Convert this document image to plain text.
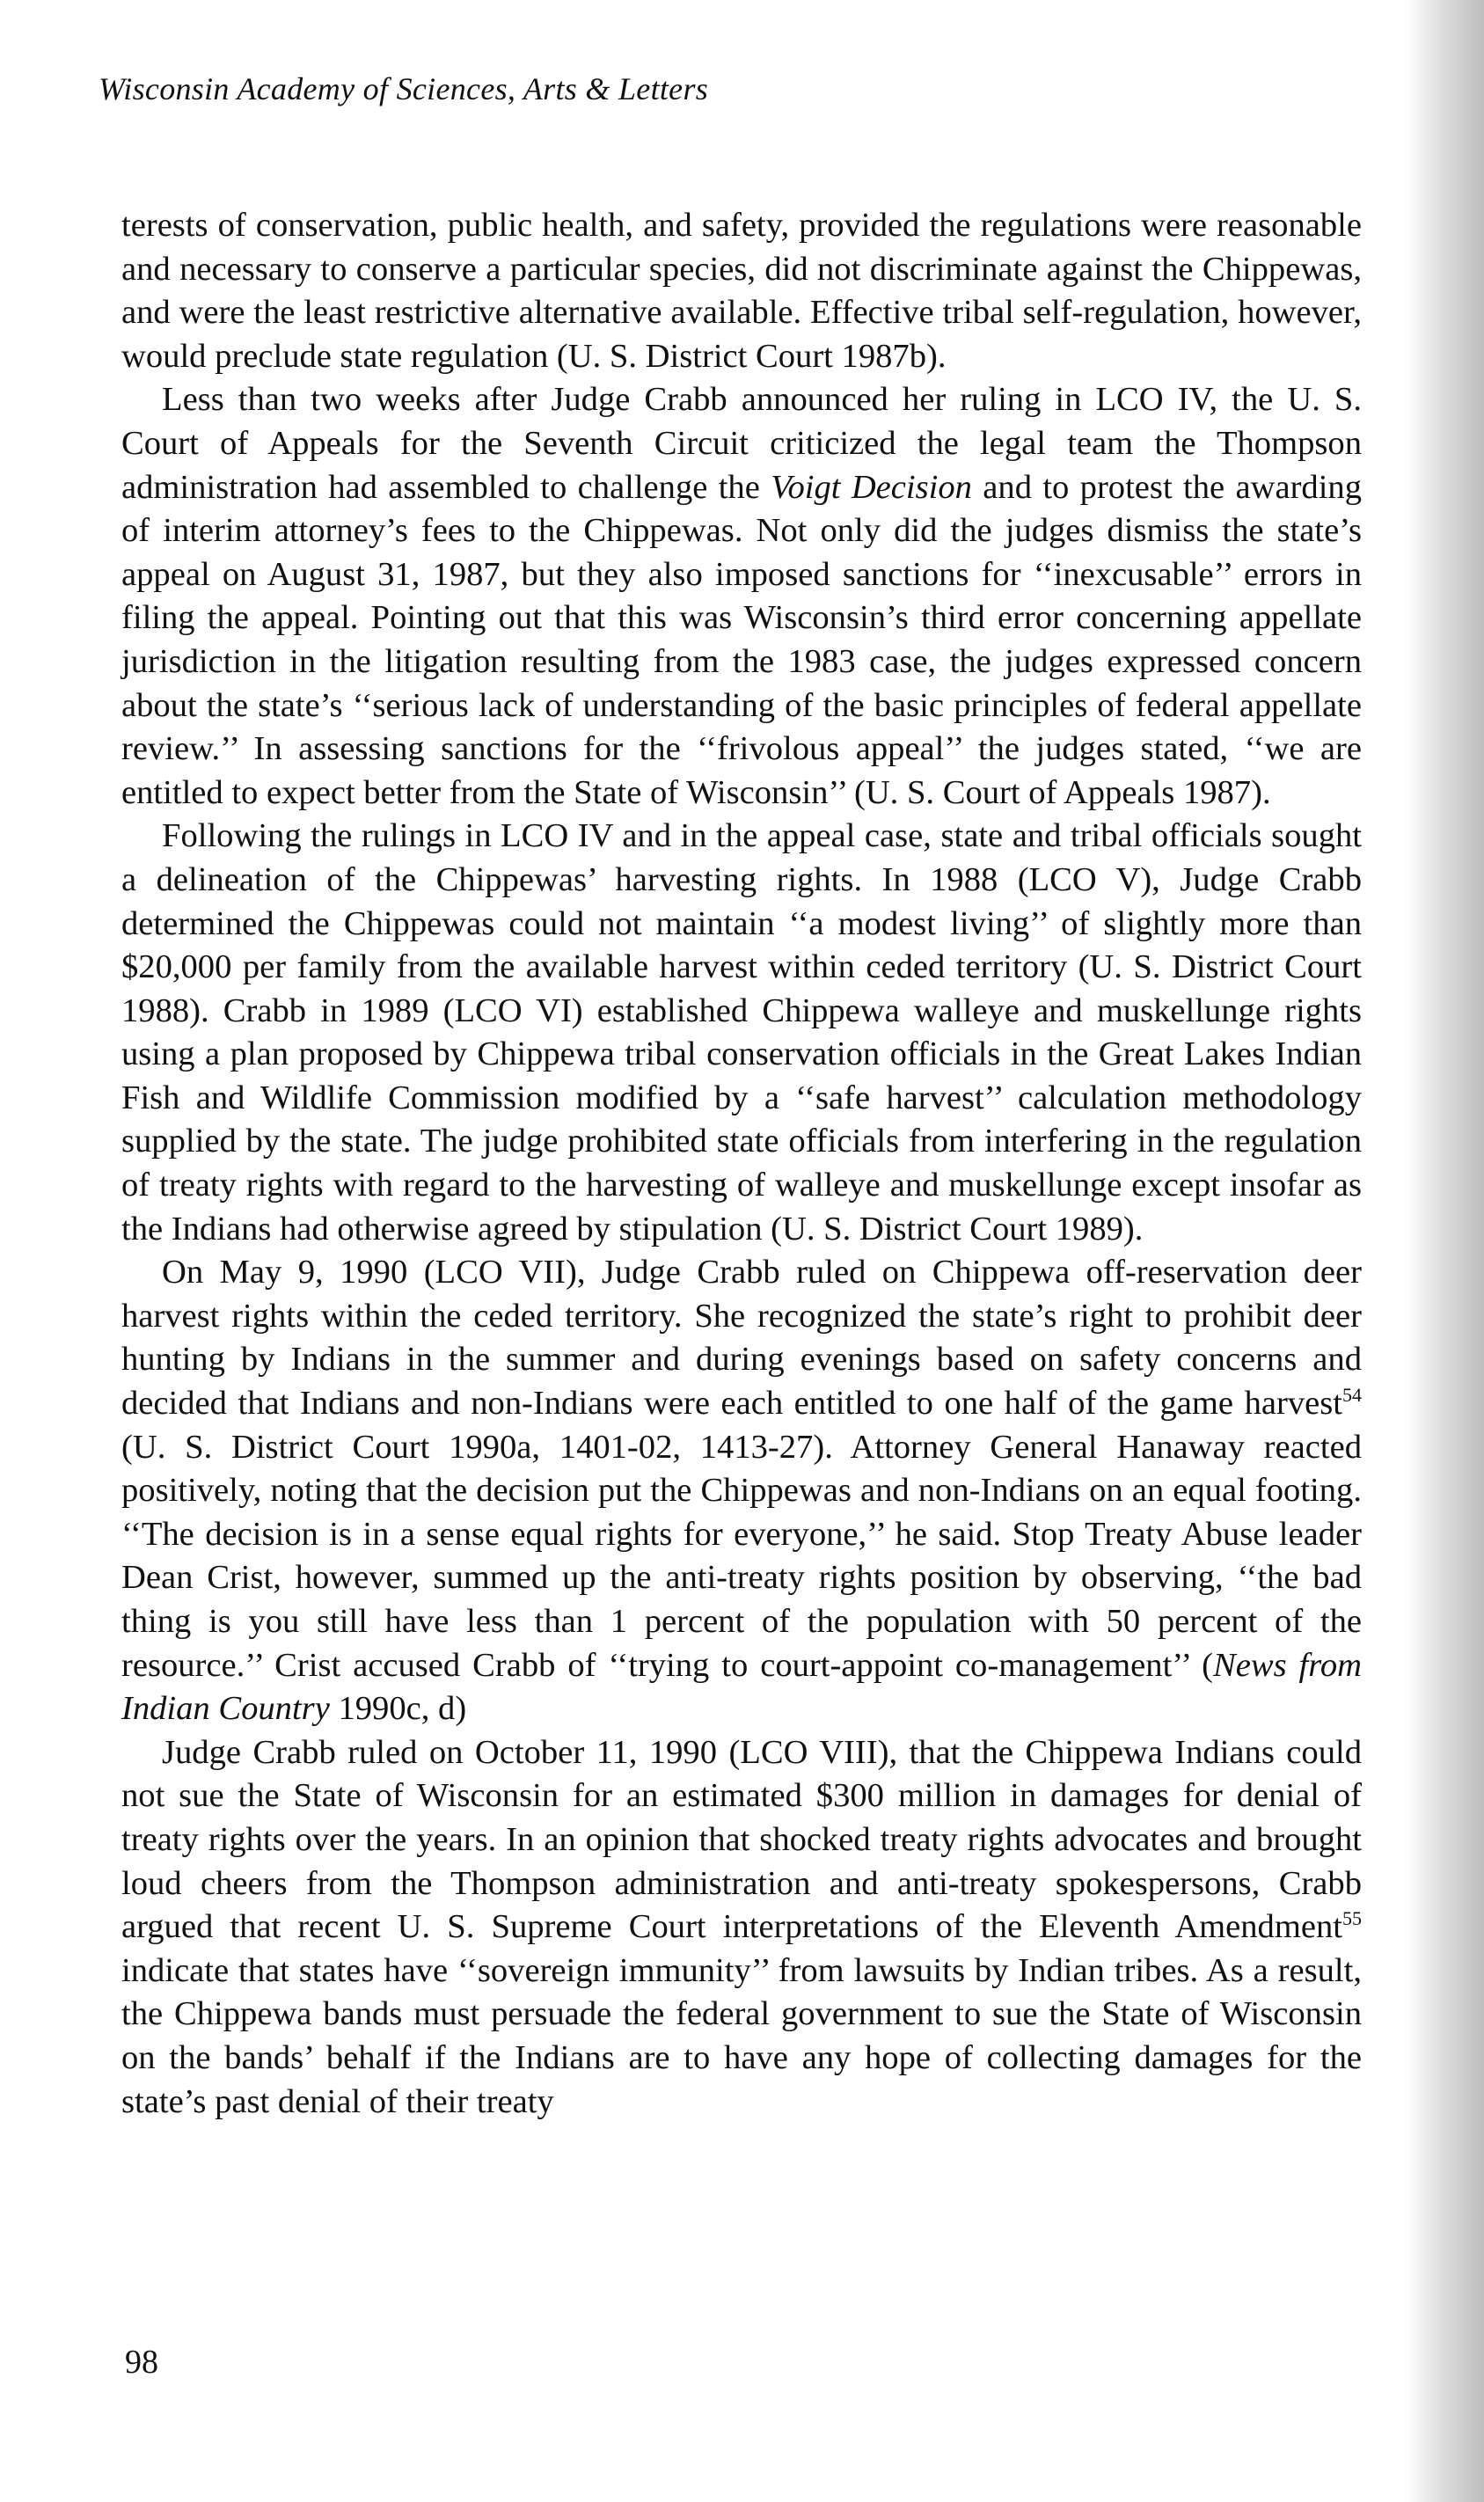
Wisconsin Academy of Sciences, Arts & Letters

terests of conservation, public health, and safety, provided the regulations were reasonable and necessary to conserve a particular species, did not discriminate against the Chippewas, and were the least restrictive alternative available. Effective tribal self-regulation, however, would preclude state regulation (U. S. District Court 1987b).

Less than two weeks after Judge Crabb announced her ruling in LCO IV, the U. S. Court of Appeals for the Seventh Circuit criticized the legal team the Thompson administration had assembled to challenge the Voigt Decision and to protest the awarding of interim attorney’s fees to the Chippewas. Not only did the judges dismiss the state’s appeal on August 31, 1987, but they also imposed sanctions for ‘‘inexcusable’’ errors in filing the appeal. Pointing out that this was Wisconsin’s third error concerning appellate jurisdiction in the litigation resulting from the 1983 case, the judges expressed concern about the state’s ‘‘serious lack of understanding of the basic principles of federal appellate review.’’ In assessing sanctions for the ‘‘frivolous appeal’’ the judges stated, ‘‘we are entitled to expect better from the State of Wisconsin’’ (U. S. Court of Appeals 1987).

Following the rulings in LCO IV and in the appeal case, state and tribal officials sought a delineation of the Chippewas’ harvesting rights. In 1988 (LCO V), Judge Crabb determined the Chippewas could not maintain ‘‘a modest living’’ of slightly more than $20,000 per family from the available harvest within ceded territory (U. S. District Court 1988). Crabb in 1989 (LCO VI) established Chippewa walleye and muskellunge rights using a plan proposed by Chippewa tribal conservation officials in the Great Lakes Indian Fish and Wildlife Commission modified by a ‘‘safe harvest’’ calculation methodology supplied by the state. The judge prohibited state officials from interfering in the regulation of treaty rights with regard to the harvesting of walleye and muskellunge except insofar as the Indians had otherwise agreed by stipulation (U. S. District Court 1989).

On May 9, 1990 (LCO VII), Judge Crabb ruled on Chippewa off-reservation deer harvest rights within the ceded territory. She recognized the state’s right to prohibit deer hunting by Indians in the summer and during evenings based on safety concerns and decided that Indians and non-Indians were each entitled to one half of the game harvest$^{54}$ (U. S. District Court 1990a, 1401-02, 1413-27). Attorney General Hanaway reacted positively, noting that the decision put the Chippewas and non-Indians on an equal footing. ‘‘The decision is in a sense equal rights for everyone,’’ he said. Stop Treaty Abuse leader Dean Crist, however, summed up the anti-treaty rights position by observing, ‘‘the bad thing is you still have less than 1 percent of the population with 50 percent of the resource.’’ Crist accused Crabb of ‘‘trying to court-appoint co-management’’ (News from Indian Country 1990c, d)

Judge Crabb ruled on October 11, 1990 (LCO VIII), that the Chippewa Indians could not sue the State of Wisconsin for an estimated $300 million in damages for denial of treaty rights over the years. In an opinion that shocked treaty rights advocates and brought loud cheers from the Thompson administration and anti-treaty spokespersons, Crabb argued that recent U. S. Supreme Court interpretations of the Eleventh Amendment$^{55}$ indicate that states have ‘‘sovereign immunity’’ from lawsuits by Indian tribes. As a result, the Chippewa bands must persuade the federal government to sue the State of Wisconsin on the bands’ behalf if the Indians are to have any hope of collecting damages for the state’s past denial of their treaty

98
